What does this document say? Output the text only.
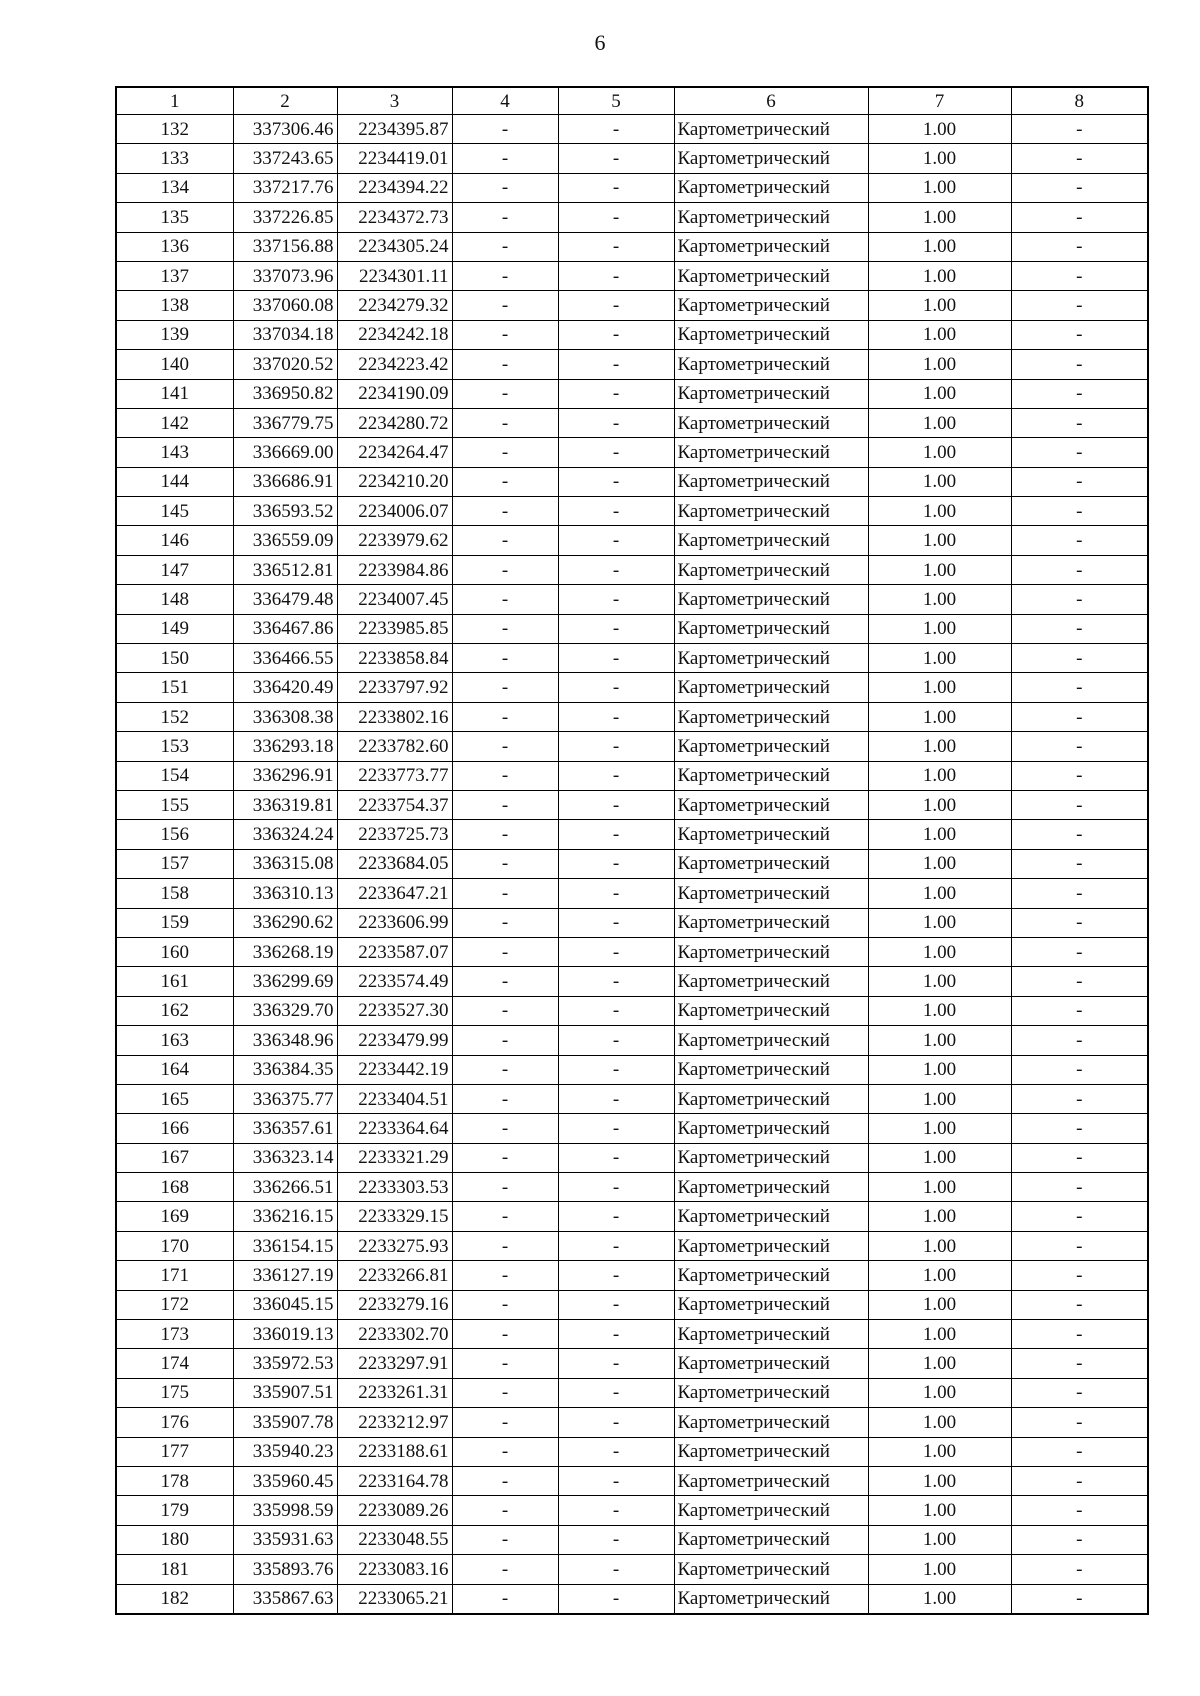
6
1	2	3	4	5	6	7	8
132	337306.46	2234395.87	-	-	Картометрический	1.00	-
133	337243.65	2234419.01	-	-	Картометрический	1.00	-
134	337217.76	2234394.22	-	-	Картометрический	1.00	-
135	337226.85	2234372.73	-	-	Картометрический	1.00	-
136	337156.88	2234305.24	-	-	Картометрический	1.00	-
137	337073.96	2234301.11	-	-	Картометрический	1.00	-
138	337060.08	2234279.32	-	-	Картометрический	1.00	-
139	337034.18	2234242.18	-	-	Картометрический	1.00	-
140	337020.52	2234223.42	-	-	Картометрический	1.00	-
141	336950.82	2234190.09	-	-	Картометрический	1.00	-
142	336779.75	2234280.72	-	-	Картометрический	1.00	-
143	336669.00	2234264.47	-	-	Картометрический	1.00	-
144	336686.91	2234210.20	-	-	Картометрический	1.00	-
145	336593.52	2234006.07	-	-	Картометрический	1.00	-
146	336559.09	2233979.62	-	-	Картометрический	1.00	-
147	336512.81	2233984.86	-	-	Картометрический	1.00	-
148	336479.48	2234007.45	-	-	Картометрический	1.00	-
149	336467.86	2233985.85	-	-	Картометрический	1.00	-
150	336466.55	2233858.84	-	-	Картометрический	1.00	-
151	336420.49	2233797.92	-	-	Картометрический	1.00	-
152	336308.38	2233802.16	-	-	Картометрический	1.00	-
153	336293.18	2233782.60	-	-	Картометрический	1.00	-
154	336296.91	2233773.77	-	-	Картометрический	1.00	-
155	336319.81	2233754.37	-	-	Картометрический	1.00	-
156	336324.24	2233725.73	-	-	Картометрический	1.00	-
157	336315.08	2233684.05	-	-	Картометрический	1.00	-
158	336310.13	2233647.21	-	-	Картометрический	1.00	-
159	336290.62	2233606.99	-	-	Картометрический	1.00	-
160	336268.19	2233587.07	-	-	Картометрический	1.00	-
161	336299.69	2233574.49	-	-	Картометрический	1.00	-
162	336329.70	2233527.30	-	-	Картометрический	1.00	-
163	336348.96	2233479.99	-	-	Картометрический	1.00	-
164	336384.35	2233442.19	-	-	Картометрический	1.00	-
165	336375.77	2233404.51	-	-	Картометрический	1.00	-
166	336357.61	2233364.64	-	-	Картометрический	1.00	-
167	336323.14	2233321.29	-	-	Картометрический	1.00	-
168	336266.51	2233303.53	-	-	Картометрический	1.00	-
169	336216.15	2233329.15	-	-	Картометрический	1.00	-
170	336154.15	2233275.93	-	-	Картометрический	1.00	-
171	336127.19	2233266.81	-	-	Картометрический	1.00	-
172	336045.15	2233279.16	-	-	Картометрический	1.00	-
173	336019.13	2233302.70	-	-	Картометрический	1.00	-
174	335972.53	2233297.91	-	-	Картометрический	1.00	-
175	335907.51	2233261.31	-	-	Картометрический	1.00	-
176	335907.78	2233212.97	-	-	Картометрический	1.00	-
177	335940.23	2233188.61	-	-	Картометрический	1.00	-
178	335960.45	2233164.78	-	-	Картометрический	1.00	-
179	335998.59	2233089.26	-	-	Картометрический	1.00	-
180	335931.63	2233048.55	-	-	Картометрический	1.00	-
181	335893.76	2233083.16	-	-	Картометрический	1.00	-
182	335867.63	2233065.21	-	-	Картометрический	1.00	-
